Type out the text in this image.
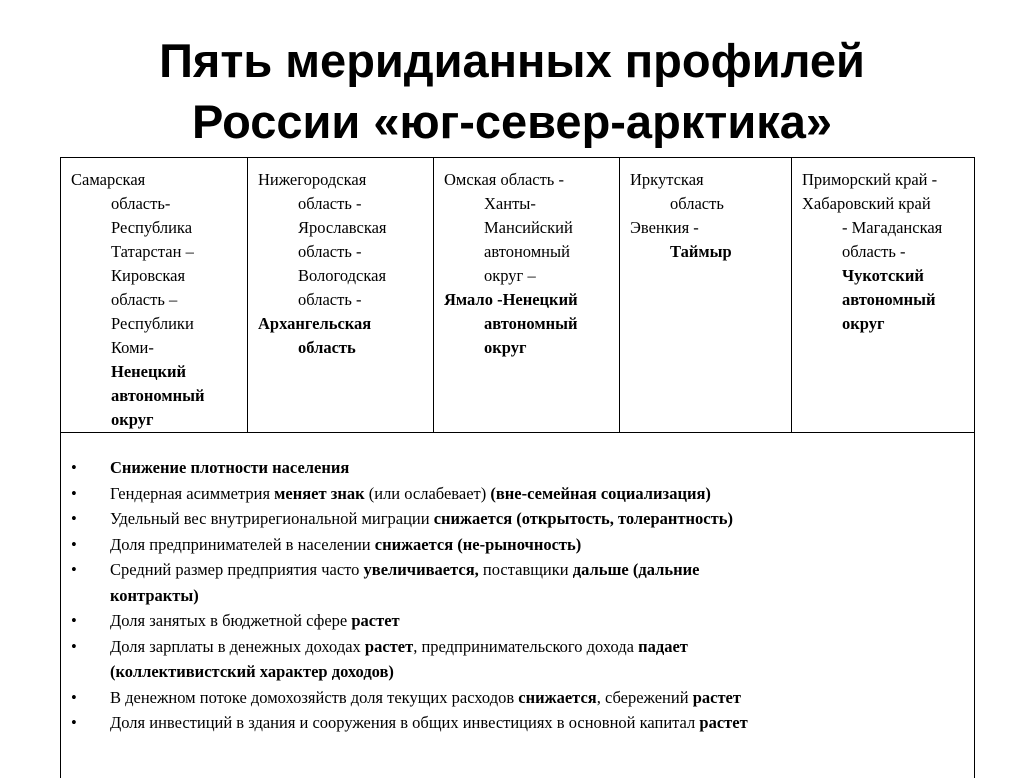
Пять меридианных профилей
России «юг-север-арктика»
Самарская
область-
Республика
Татарстан –
Кировская
область –
Республики
Коми-
Ненецкий
автономный
округ
Нижегородская
область -
Ярославская
область -
Вологодская
область -
Архангельская
область
Омская область -
Ханты-
Мансийский
автономный
округ –
Ямало -Ненецкий
автономный
округ
Иркутская
область
Эвенкия -
Таймыр
Приморский край -
Хабаровский край
- Магаданская
область -
Чукотский
автономный
округ
• Снижение плотности населения
• Гендерная асимметрия меняет знак (или ослабевает) (вне-семейная социализация)
• Удельный вес внутрирегиональной миграции снижается (открытость, толерантность)
• Доля предпринимателей в населении снижается (не-рыночность)
• Средний размер предприятия часто увеличивается, поставщики дальше (дальние
контракты)
• Доля занятых в бюджетной сфере растет
• Доля зарплаты в денежных доходах растет, предпринимательского дохода падает
(коллективистский характер доходов)
• В денежном потоке домохозяйств доля текущих расходов снижается, сбережений растет
• Доля инвестиций в здания и сооружения в общих инвестициях в основной капитал растет
